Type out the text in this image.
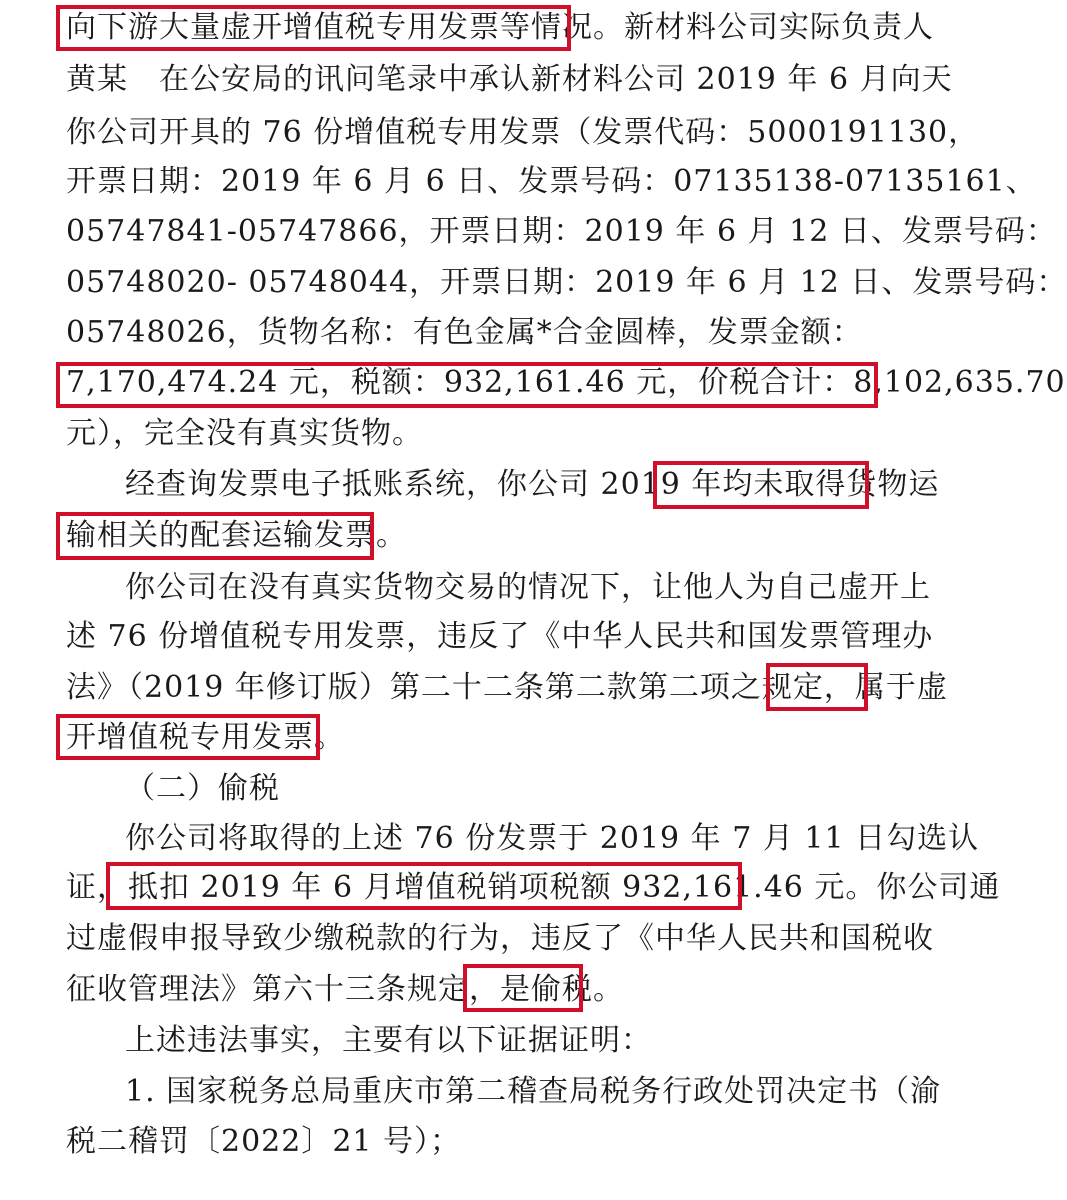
向下游大量虚开增值税专用发票等情况。新材料公司实际负责人
黄某　在公安局的讯问笔录中承认新材料公司 2019 年 6 月向天
你公司开具的 76 份增值税专用发票（发票代码：5000191130，
开票日期：2019 年 6 月 6 日、发票号码：07135138-07135161、
05747841-05747866，开票日期：2019 年 6 月 12 日、发票号码：
05748020- 05748044，开票日期：2019 年 6 月 12 日、发票号码：
05748026，货物名称：有色金属*合金圆棒，发票金额：
7,170,474.24 元，税额：932,161.46 元，价税合计：8,102,635.70
元），完全没有真实货物。
经查询发票电子抵账系统，你公司 2019 年均未取得货物运
输相关的配套运输发票。
你公司在没有真实货物交易的情况下，让他人为自己虚开上
述 76 份增值税专用发票，违反了《中华人民共和国发票管理办
法》（2019 年修订版）第二十二条第二款第二项之规定，属于虚
开增值税专用发票。
（二）偷税
你公司将取得的上述 76 份发票于 2019 年 7 月 11 日勾选认
证，抵扣 2019 年 6 月增值税销项税额 932,161.46 元。你公司通
过虚假申报导致少缴税款的行为，违反了《中华人民共和国税收
征收管理法》第六十三条规定，是偷税。
上述违法事实，主要有以下证据证明：
1. 国家税务总局重庆市第二稽查局税务行政处罚决定书（渝
税二稽罚〔2022〕21 号）；
